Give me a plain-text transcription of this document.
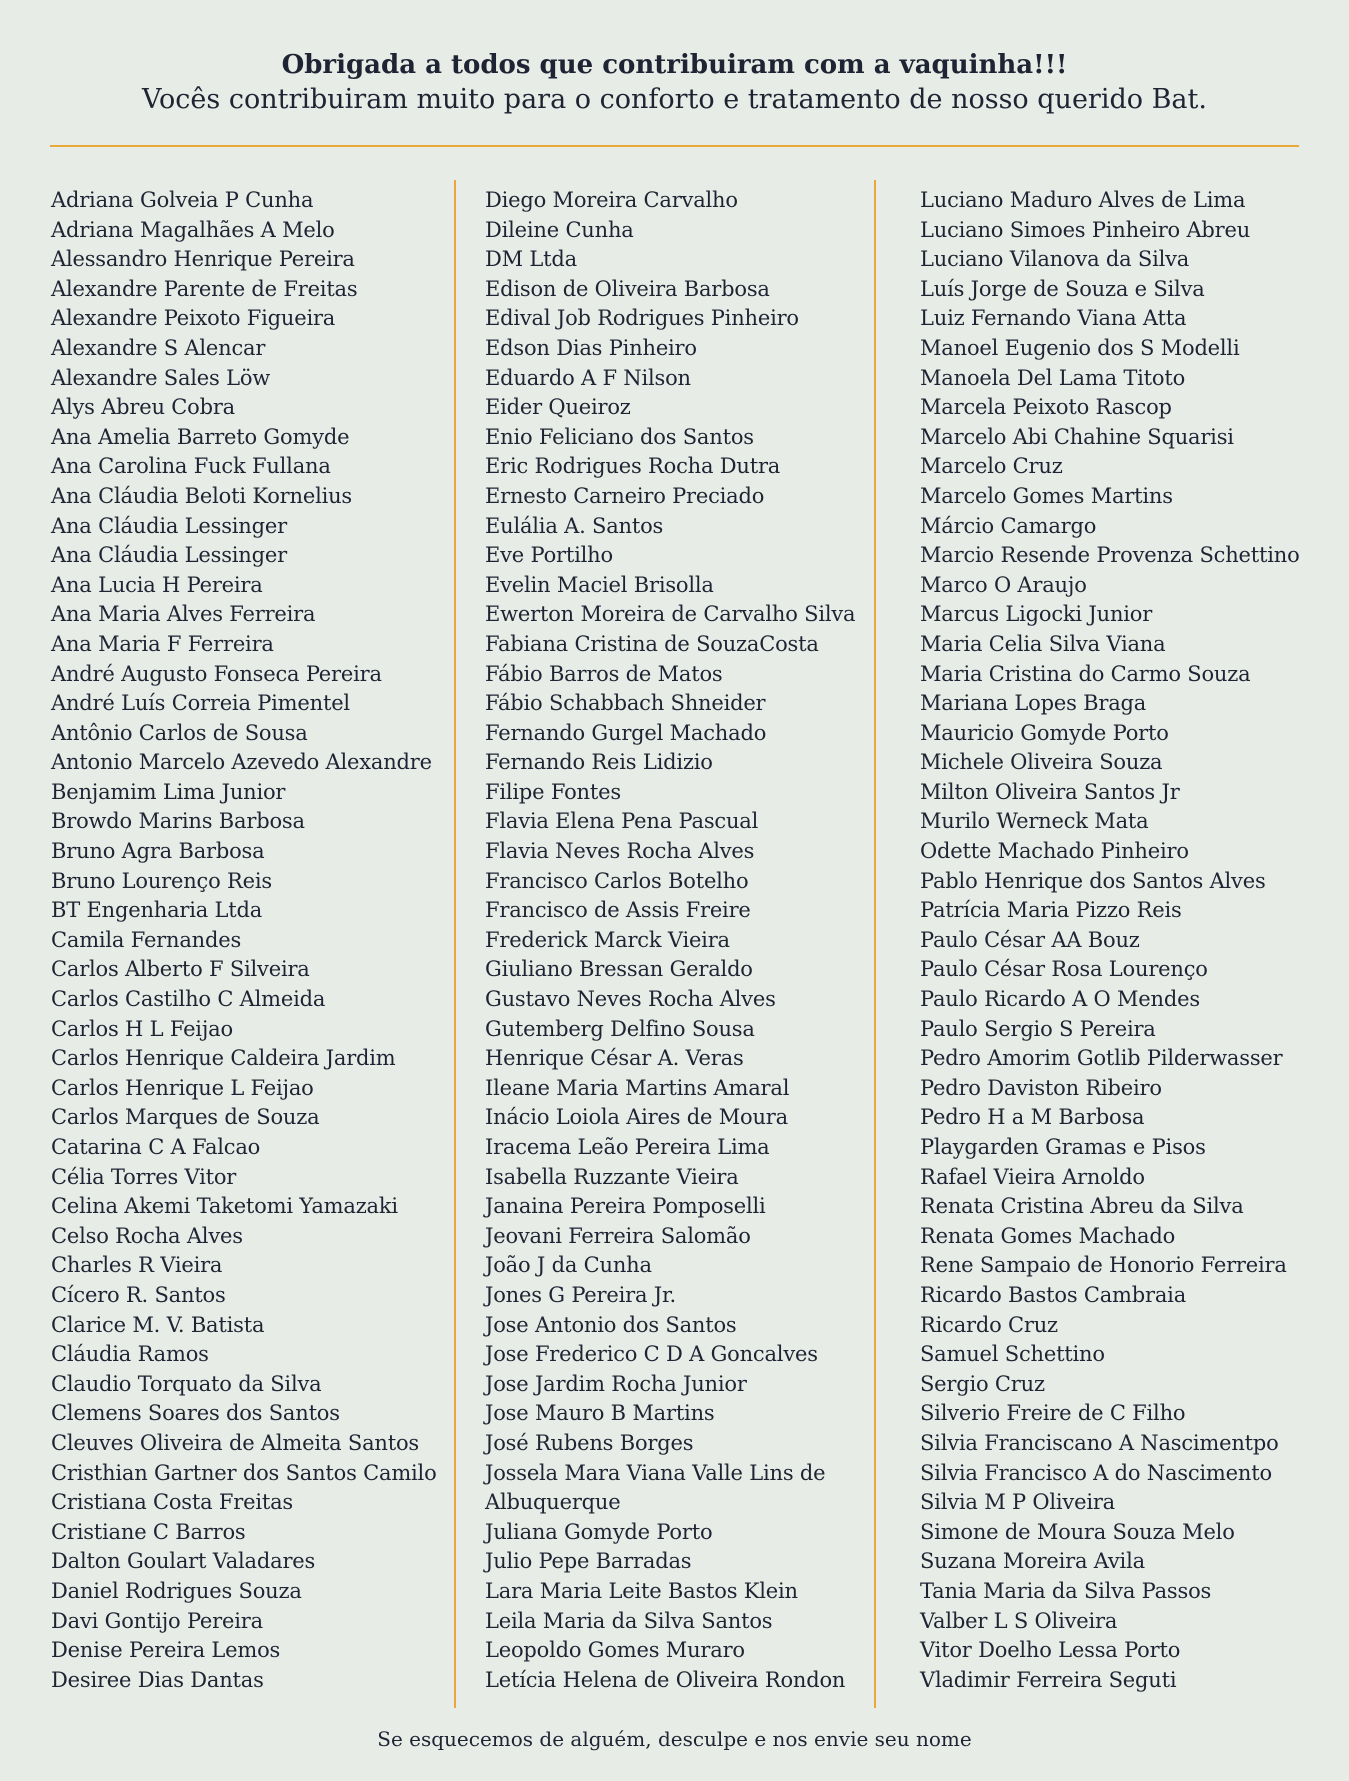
Obrigada a todos que contribuiram com a vaquinha!!!

Vocês contribuiram muito para o conforto e tratamento de nosso querido Bat.

Adriana Golveia P Cunha
Adriana Magalhães A Melo
Alessandro Henrique Pereira
Alexandre Parente de Freitas
Alexandre Peixoto Figueira
Alexandre S Alencar
Alexandre Sales Löw
Alys Abreu Cobra
Ana Amelia Barreto Gomyde
Ana Carolina Fuck Fullana
Ana Cláudia Beloti Kornelius
Ana Cláudia Lessinger
Ana Cláudia Lessinger
Ana Lucia H Pereira
Ana Maria Alves Ferreira
Ana Maria F Ferreira
André Augusto Fonseca Pereira
André Luís Correia Pimentel
Antônio Carlos de Sousa
Antonio Marcelo Azevedo Alexandre
Benjamim Lima Junior
Browdo Marins Barbosa
Bruno Agra Barbosa
Bruno Lourenço Reis
BT Engenharia Ltda
Camila Fernandes
Carlos Alberto F Silveira
Carlos Castilho C Almeida
Carlos H L Feijao
Carlos Henrique Caldeira Jardim
Carlos Henrique L Feijao
Carlos Marques de Souza
Catarina C A Falcao
Célia Torres Vitor
Celina Akemi Taketomi Yamazaki
Celso Rocha Alves
Charles R Vieira
Cícero R. Santos
Clarice M. V. Batista
Cláudia Ramos
Claudio Torquato da Silva
Clemens Soares dos Santos
Cleuves Oliveira de Almeita Santos
Cristhian Gartner dos Santos Camilo
Cristiana Costa Freitas
Cristiane C Barros
Dalton Goulart Valadares
Daniel Rodrigues Souza
Davi Gontijo Pereira
Denise Pereira Lemos
Desiree Dias Dantas
Diego Moreira Carvalho
Dileine Cunha
DM Ltda
Edison de Oliveira Barbosa
Edival Job Rodrigues Pinheiro
Edson Dias Pinheiro
Eduardo A F Nilson
Eider Queiroz
Enio Feliciano dos Santos
Eric Rodrigues Rocha Dutra
Ernesto Carneiro Preciado
Eulália A. Santos
Eve Portilho
Evelin Maciel Brisolla
Ewerton Moreira de Carvalho Silva
Fabiana Cristina de SouzaCosta
Fábio Barros de Matos
Fábio Schabbach Shneider
Fernando Gurgel Machado
Fernando Reis Lidizio
Filipe Fontes
Flavia Elena Pena Pascual
Flavia Neves Rocha Alves
Francisco Carlos Botelho
Francisco de Assis Freire
Frederick Marck Vieira
Giuliano Bressan Geraldo
Gustavo Neves Rocha Alves
Gutemberg Delfino Sousa
Henrique César A. Veras
Ileane Maria Martins Amaral
Inácio Loiola Aires de Moura
Iracema Leão Pereira Lima
Isabella Ruzzante Vieira
Janaina Pereira Pomposelli
Jeovani Ferreira Salomão
João J da Cunha
Jones G Pereira Jr.
Jose Antonio dos Santos
Jose Frederico C D A Goncalves
Jose Jardim Rocha Junior
Jose Mauro B Martins
José Rubens Borges
Jossela Mara Viana Valle Lins de
Albuquerque
Juliana Gomyde Porto
Julio Pepe Barradas
Lara Maria Leite Bastos Klein
Leila Maria da Silva Santos
Leopoldo Gomes Muraro
Letícia Helena de Oliveira Rondon
Luciano Maduro Alves de Lima
Luciano Simoes Pinheiro Abreu
Luciano Vilanova da Silva
Luís Jorge de Souza e Silva
Luiz Fernando Viana Atta
Manoel Eugenio dos S Modelli
Manoela Del Lama Titoto
Marcela Peixoto Rascop
Marcelo Abi Chahine Squarisi
Marcelo Cruz
Marcelo Gomes Martins
Márcio Camargo
Marcio Resende Provenza Schettino
Marco O Araujo
Marcus Ligocki Junior
Maria Celia Silva Viana
Maria Cristina do Carmo Souza
Mariana Lopes Braga
Mauricio Gomyde Porto
Michele Oliveira Souza
Milton Oliveira Santos Jr
Murilo Werneck Mata
Odette Machado Pinheiro
Pablo Henrique dos Santos Alves
Patrícia Maria Pizzo Reis
Paulo César AA Bouz
Paulo César Rosa Lourenço
Paulo Ricardo A O Mendes
Paulo Sergio S Pereira
Pedro Amorim Gotlib Pilderwasser
Pedro Daviston Ribeiro
Pedro H a M Barbosa
Playgarden Gramas e Pisos
Rafael Vieira Arnoldo
Renata Cristina Abreu da Silva
Renata Gomes Machado
Rene Sampaio de Honorio Ferreira
Ricardo Bastos Cambraia
Ricardo Cruz
Samuel Schettino
Sergio Cruz
Silverio Freire de C Filho
Silvia Franciscano A Nascimentpo
Silvia Francisco A do Nascimento
Silvia M P Oliveira
Simone de Moura Souza Melo
Suzana Moreira Avila
Tania Maria da Silva Passos
Valber L S Oliveira
Vitor Doelho Lessa Porto
Vladimir Ferreira Seguti
Se esquecemos de alguém, desculpe e nos envie seu nome
